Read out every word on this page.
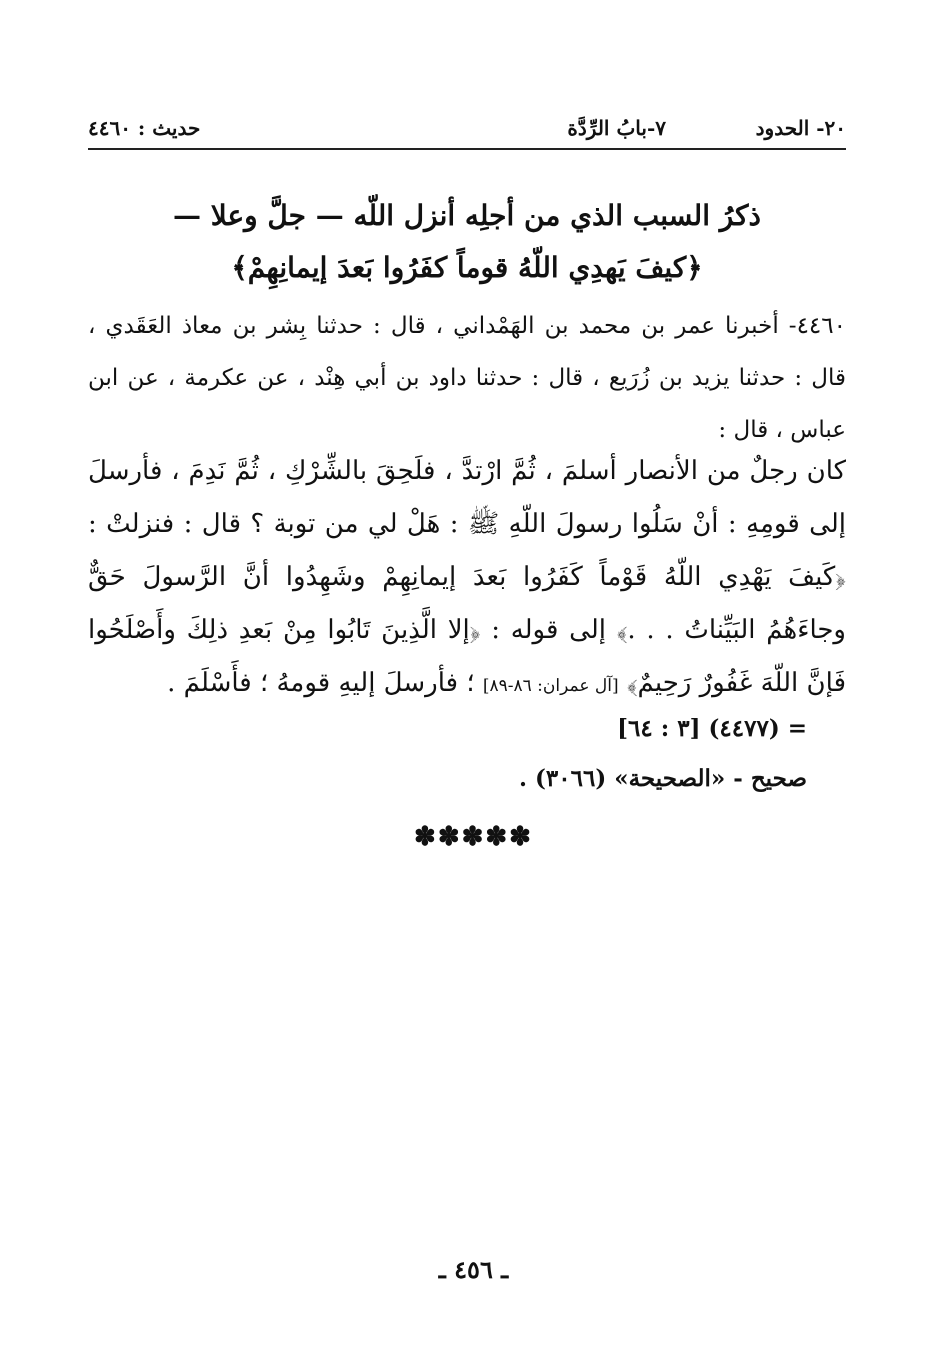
٢٠- الحدود
٧-بابُ الرِّدَّة
حديث : ٤٤٦٠
ذكرُ السبب الذي من أجلِه أنزل اللّه — جلَّ وعلا —
﴿كيفَ يَهدِي اللّهُ قوماً كفَرُوا بَعدَ إيمانِهِمْ﴾
٤٤٦٠- أخبرنا عمر بن محمد بن الهَمْداني ، قال : حدثنا بِشر بن معاذ العَقَدي ، قال : حدثنا يزيد بن زُرَيع ، قال : حدثنا داود بن أبي هِنْد ، عن عكرمة ، عن ابن عباس ، قال :
كان رجلٌ من الأنصار أسلمَ ، ثُمَّ ارْتدَّ ، فلَحِقَ بالشِّرْكِ ، ثُمَّ نَدِمَ ، فأرسلَ إلى قومِهِ : أنْ سَلُوا رسولَ اللّهِ ﷺ : هَلْ لي من توبة ؟ قال : فنزلتْ : ﴿كَيفَ يَهْدِي اللّهُ قَوْماً كَفَرُوا بَعدَ إيمانِهِمْ وشَهِدُوا أنَّ الرَّسولَ حَقٌّ وجاءَهُمُ البَيِّناتُ . . .﴾ إلى قوله : ﴿إلا الَّذِينَ تَابُوا مِنْ بَعدِ ذلِكَ وأَصْلَحُوا فَإنَّ اللّهَ غَفُورٌ رَحِيمٌ﴾ [آل عمران: ٨٦-٨٩] ؛ فأرسلَ إليهِ قومهُ ؛ فأَسْلَمَ .
= (٤٤٧٧) [٣ : ٦٤]
صحيح - «الصحيحة» (٣٠٦٦) .
✽✽✽✽✽
ـ ٤٥٦ ـ
